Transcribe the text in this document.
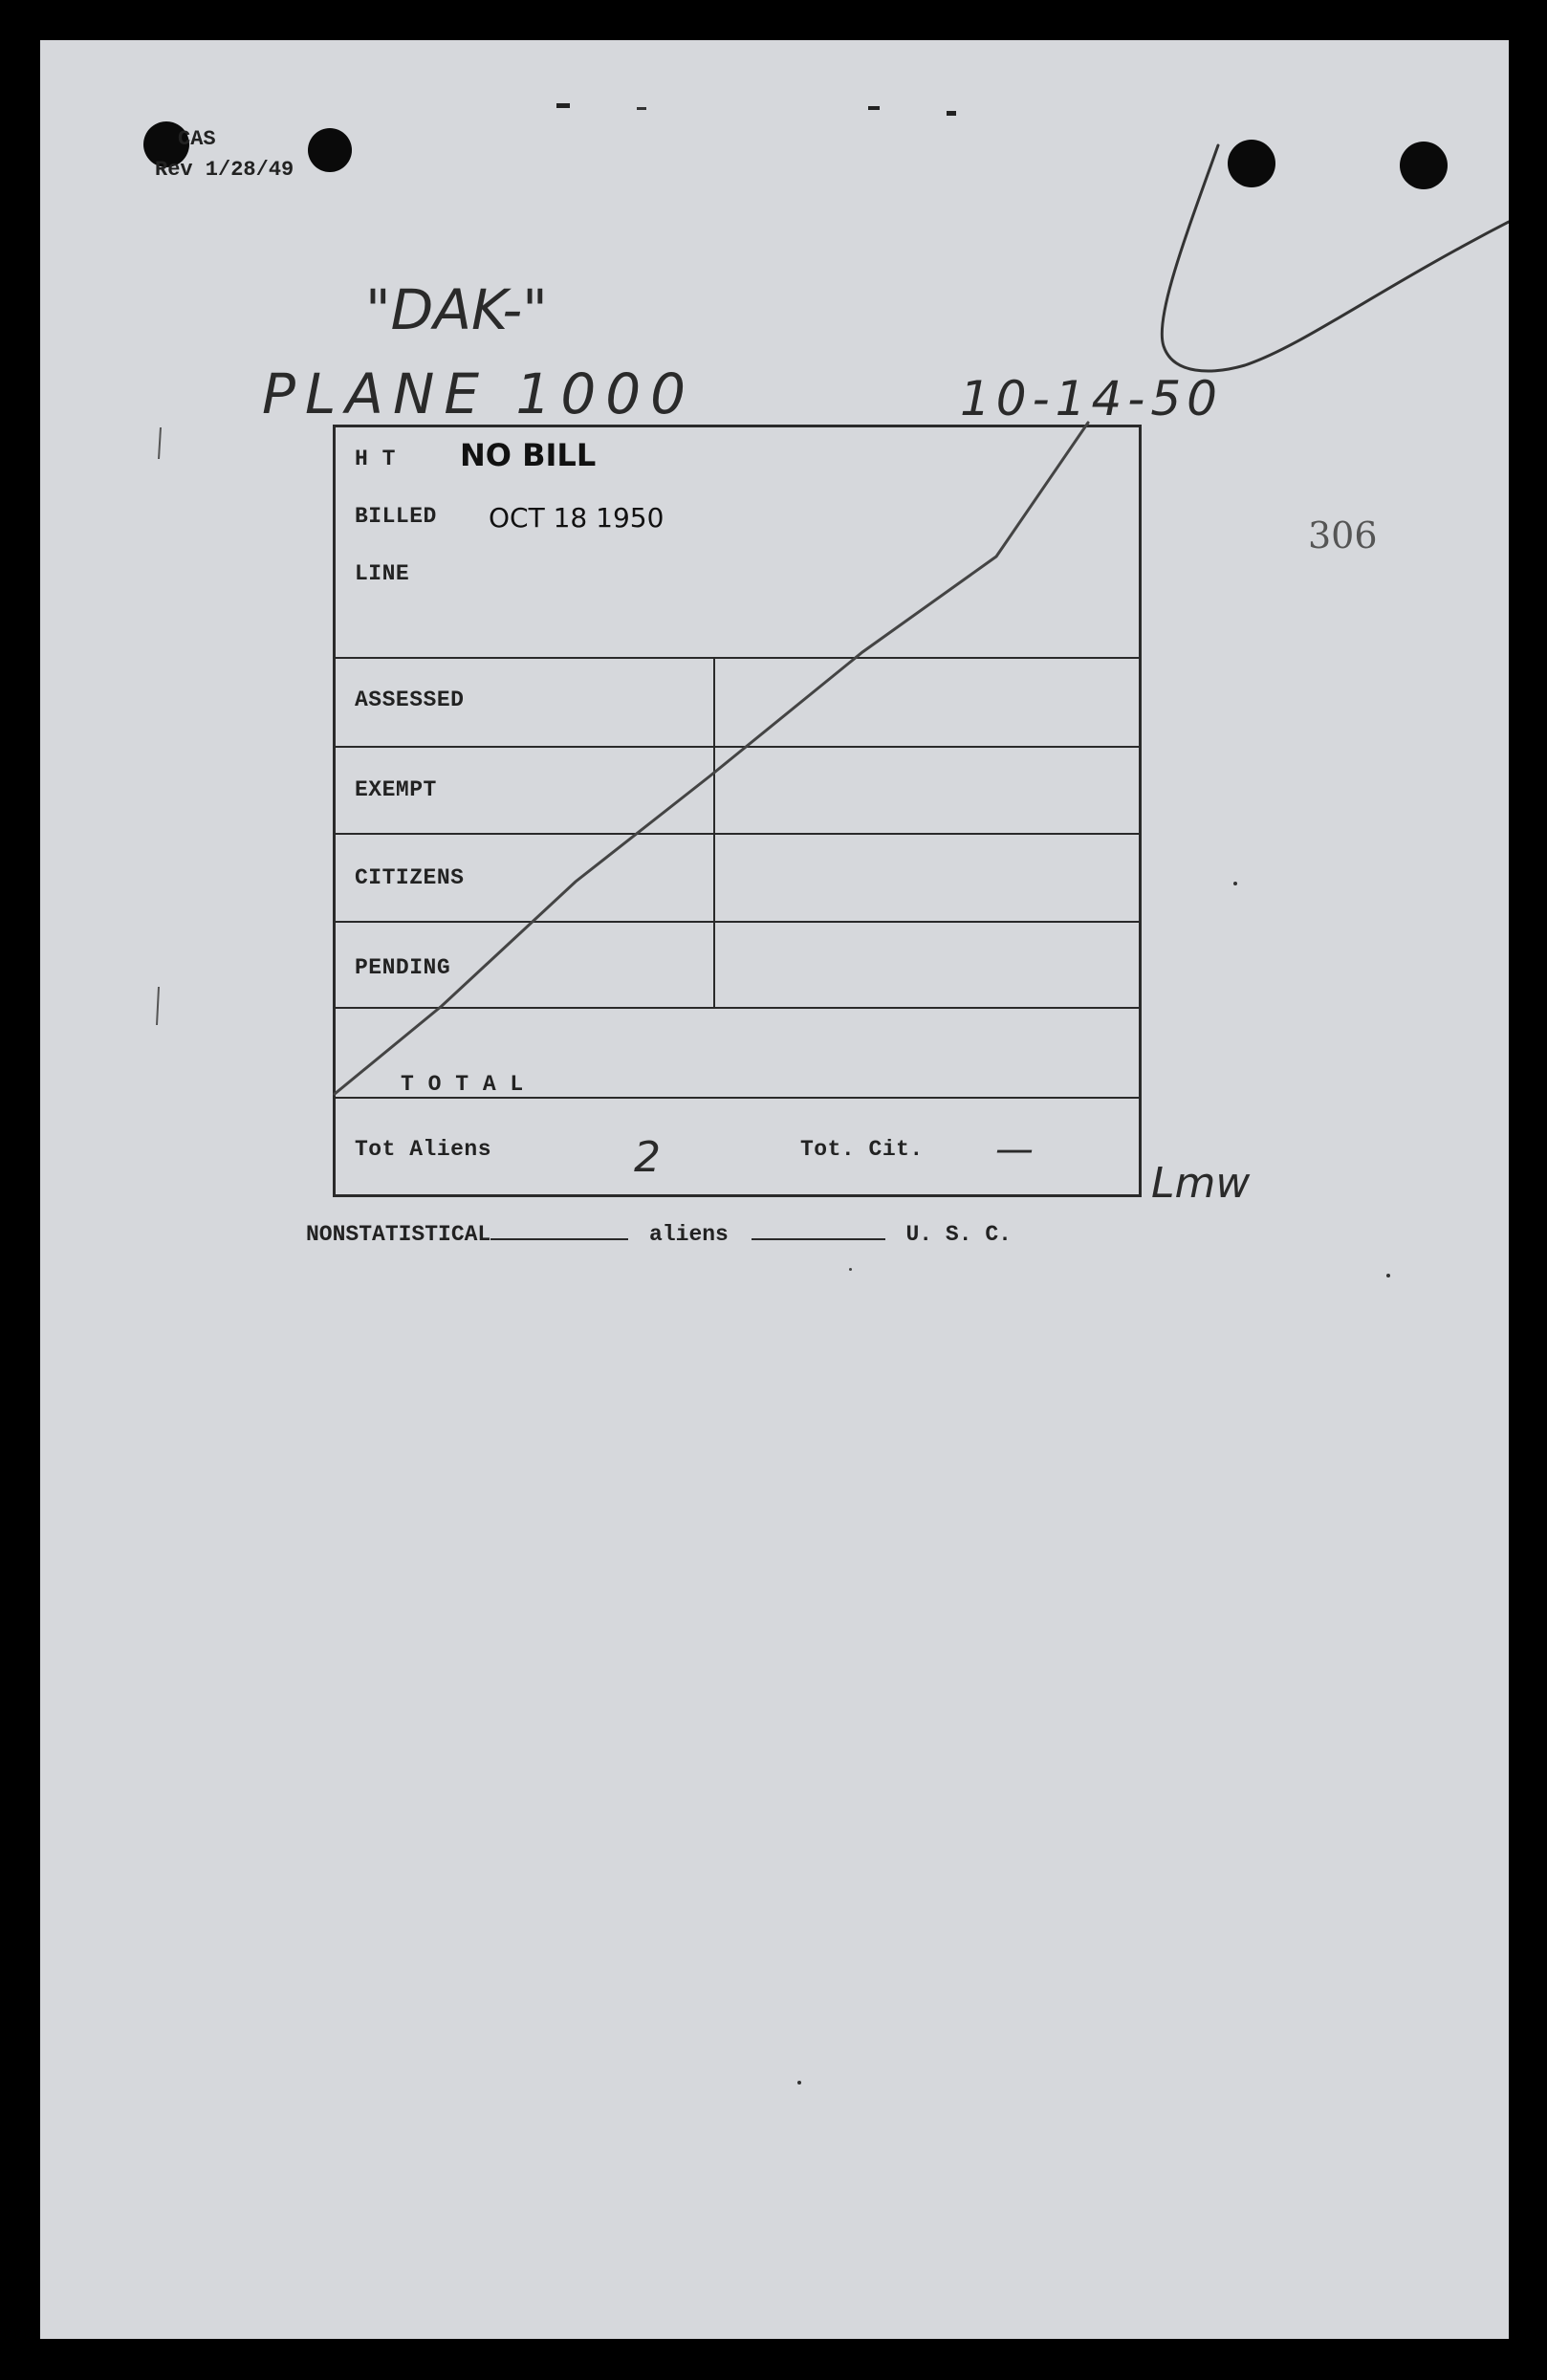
CAS
Rev 1/28/49
306
"DAK-"
PLANE 1000	10-14-50
Lmw
H T NO BILL
BILLED OCT 18 1950
LINE
ASSESSED
EXEMPT
CITIZENS
PENDING
T O T A L
Tot Aliens	2	Tot. Cit. —
NONSTATISTICAL	aliens	U. S. C.
